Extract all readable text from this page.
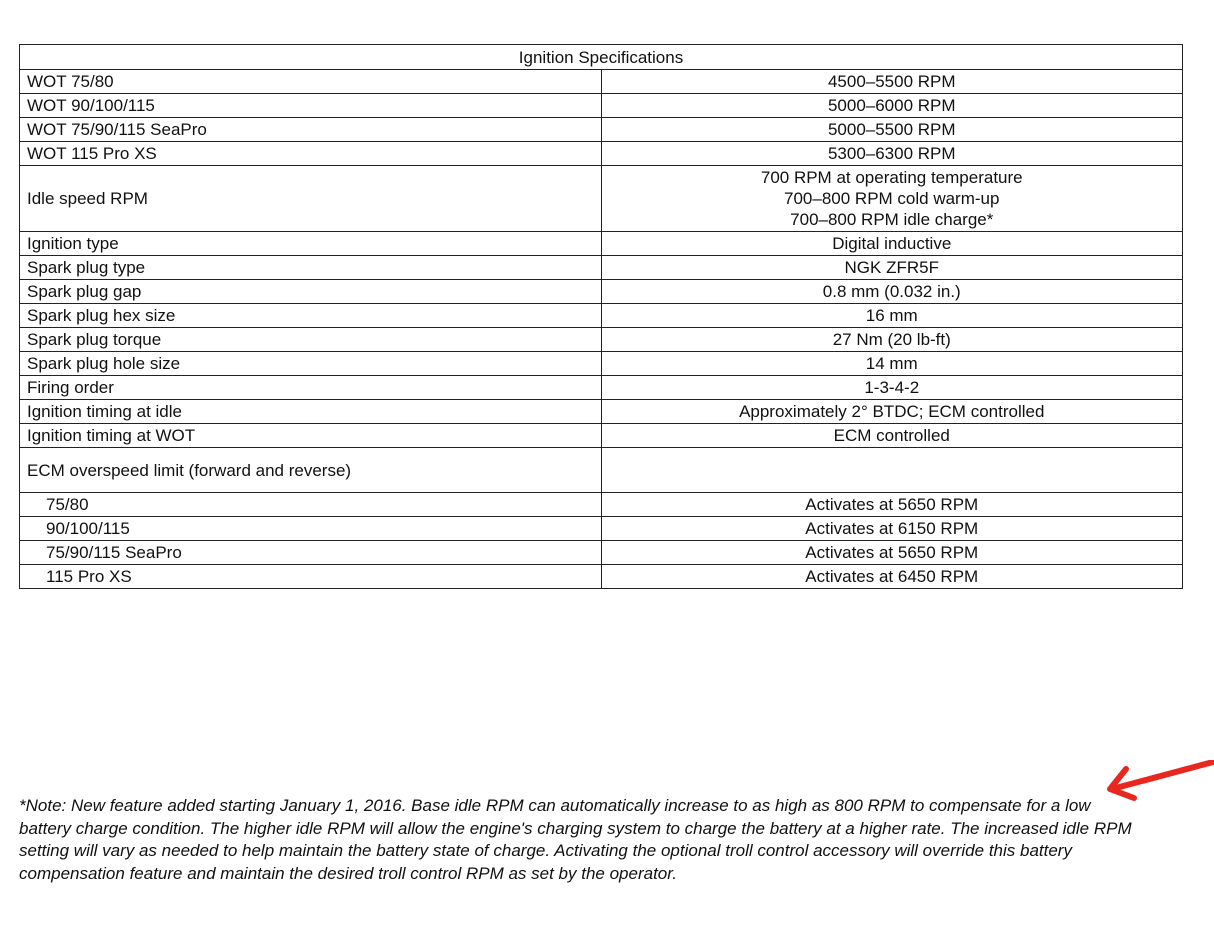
Ignition Specifications	
WOT 75/80	4500–5500 RPM

WOT 90/100/115	5000–6000 RPM

WOT 75/90/115 SeaPro	5000–5500 RPM

WOT 115 Pro XS	5300–6300 RPM

Idle speed RPM	700 RPM at operating temperature
700–800 RPM cold warm-up
700–800 RPM idle charge*

Ignition type	Digital inductive

Spark plug type	NGK ZFR5F

Spark plug gap	0.8 mm (0.032 in.)

Spark plug hex size	16 mm

Spark plug torque	27 Nm (20 lb-ft)

Spark plug hole size	14 mm

Firing order	1-3-4-2

Ignition timing at idle	Approximately 2° BTDC; ECM controlled

Ignition timing at WOT	ECM controlled

ECM overspeed limit (forward and reverse)	
75/80	Activates at 5650 RPM

90/100/115	Activates at 6150 RPM

75/90/115 SeaPro	Activates at 5650 RPM

115 Pro XS	Activates at 6450 RPM

*Note: New feature added starting January 1, 2016. Base idle RPM can automatically increase to as high as 800 RPM to compensate for a low battery charge condition. The higher idle RPM will allow the engine's charging system to charge the battery at a higher rate. The increased idle RPM setting will vary as needed to help maintain the battery state of charge. Activating the optional troll control accessory will override this battery compensation feature and maintain the desired troll control RPM as set by the operator.
